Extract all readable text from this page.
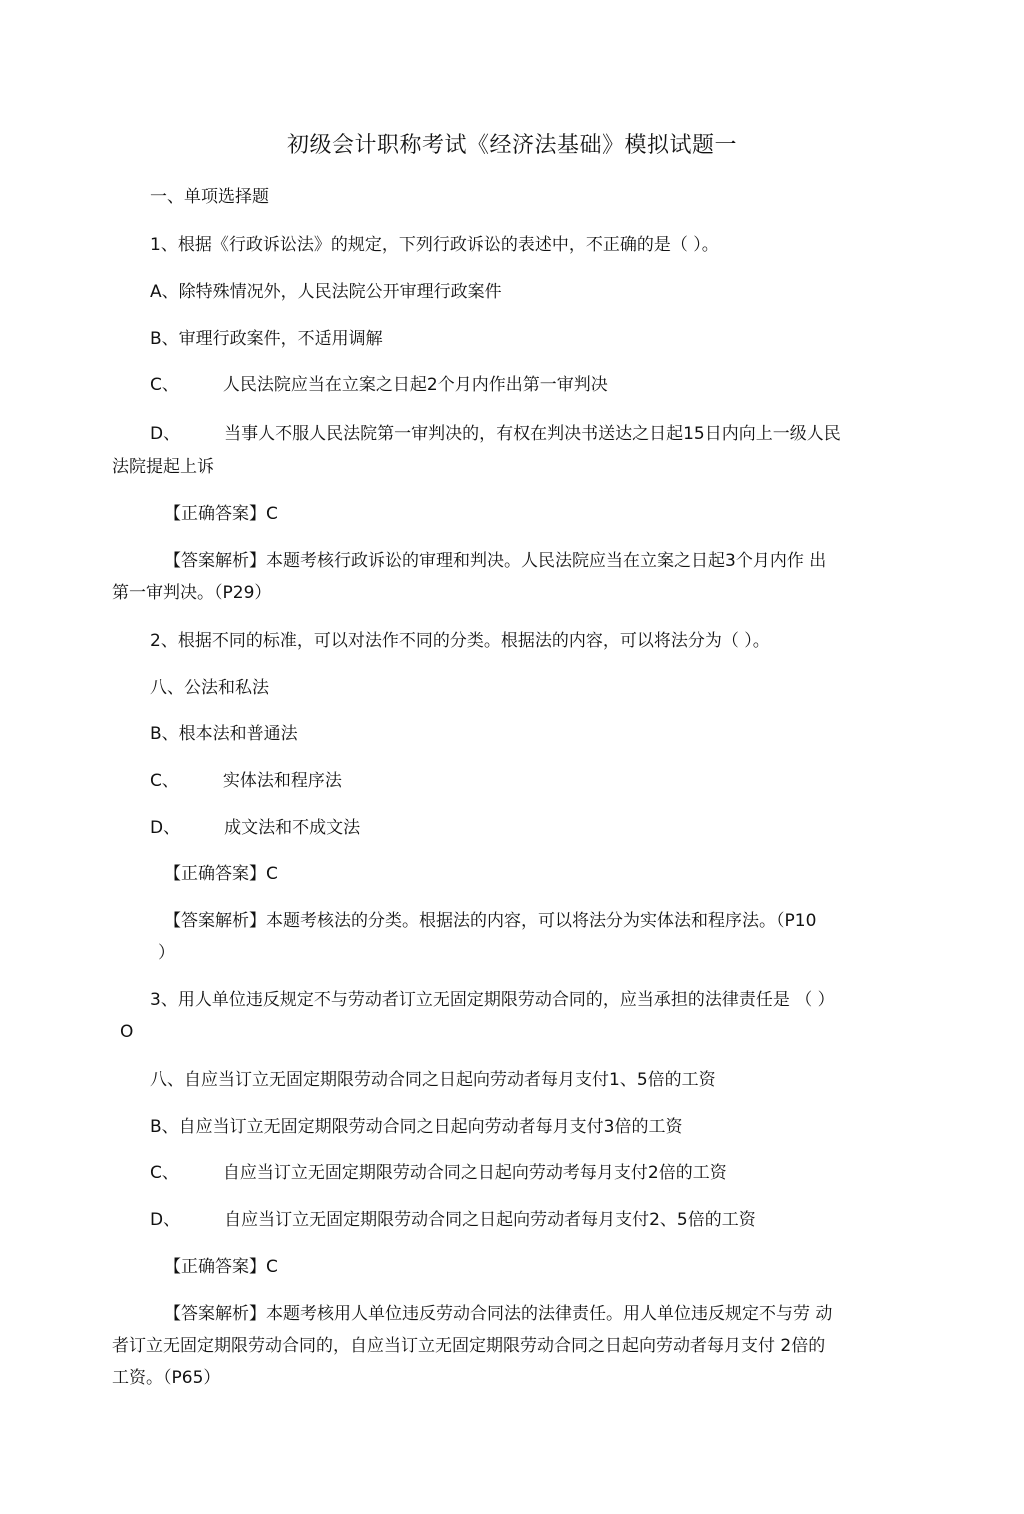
初级会计职称考试《经济法基础》模拟试题一
一、单项选择题
1、根据《行政诉讼法》的规定，下列行政诉讼的表述中，不正确的是（ ）。
A、除特殊情况外，人民法院公开审理行政案件
B、审理行政案件，不适用调解
C、	人民法院应当在立案之日起2个月内作出第一审判决
D、	当事人不服人民法院第一审判决的，有权在判决书送达之日起15日内向上一级人民
法院提起上诉
【正确答案】C
【答案解析】本题考核行政诉讼的审理和判决。人民法院应当在立案之日起3个月内作 出
第一审判决。（P29）
2、根据不同的标准，可以对法作不同的分类。根据法的内容，可以将法分为（ ）。
八、公法和私法
B、根本法和普通法
C、	实体法和程序法
D、	成文法和不成文法
【正确答案】C
【答案解析】本题考核法的分类。根据法的内容，可以将法分为实体法和程序法。（P10
）
3、用人单位违反规定不与劳动者订立无固定期限劳动合同的，应当承担的法律责任是 （ ）
O
八、自应当订立无固定期限劳动合同之日起向劳动者每月支付1、5倍的工资
B、自应当订立无固定期限劳动合同之日起向劳动者每月支付3倍的工资
C、	自应当订立无固定期限劳动合同之日起向劳动考每月支付2倍的工资
D、	自应当订立无固定期限劳动合同之日起向劳动者每月支付2、5倍的工资
【正确答案】C
【答案解析】本题考核用人单位违反劳动合同法的法律责任。用人单位违反规定不与劳 动
者订立无固定期限劳动合同的，自应当订立无固定期限劳动合同之日起向劳动者每月支付 2倍的
工资。（P65）
